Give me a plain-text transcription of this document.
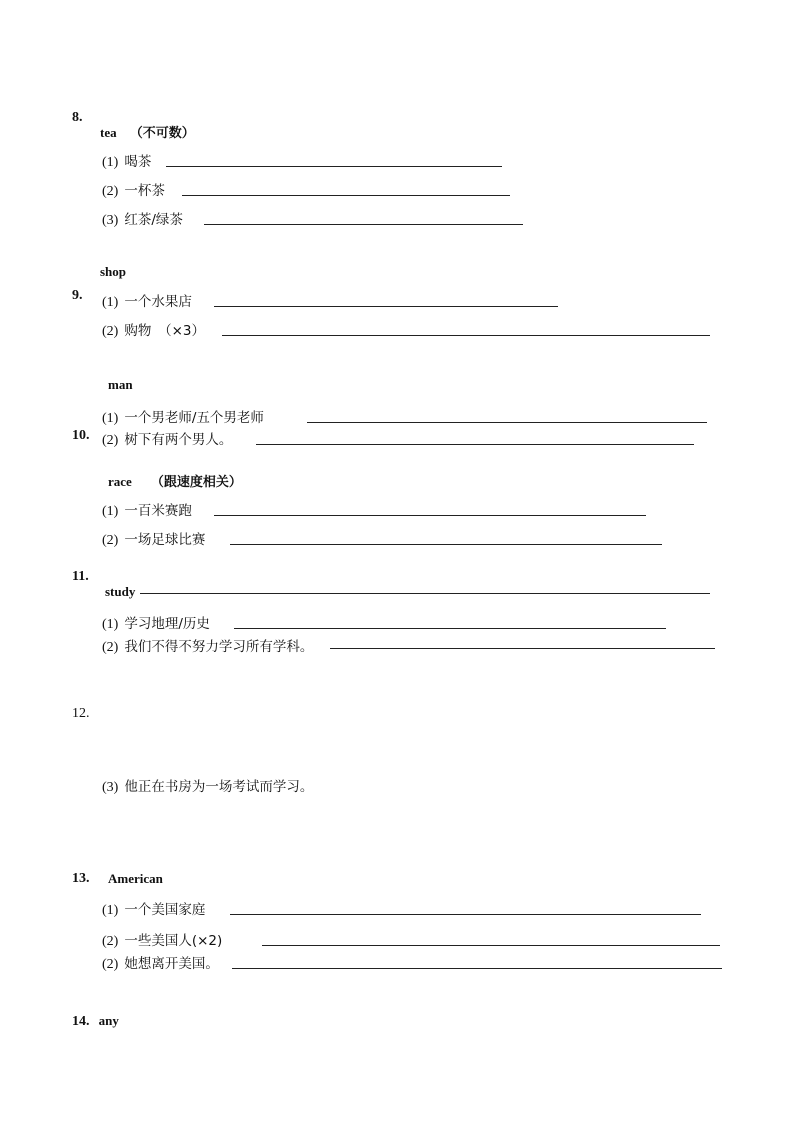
8.
tea （不可数）
(1) 喝茶
(2) 一杯茶
(3) 红茶/绿茶
shop
9. (1) 一个水果店
(2) 购物　（×3）
man
(1) 一个男老师/五个男老师
10. (2) 树下有两个男人。
race （跟速度相关）
(1) 一百米赛跑
(2) 一场足球比赛
11.
study
(1) 学习地理/历史
(2) 我们不得不努力学习所有学科。
12.
(3) 他正在书房为一场考试而学习。
13. American
(1) 一个美国家庭
(2) 一些美国人(×2)
(2) 她想离开美国。
14. any
